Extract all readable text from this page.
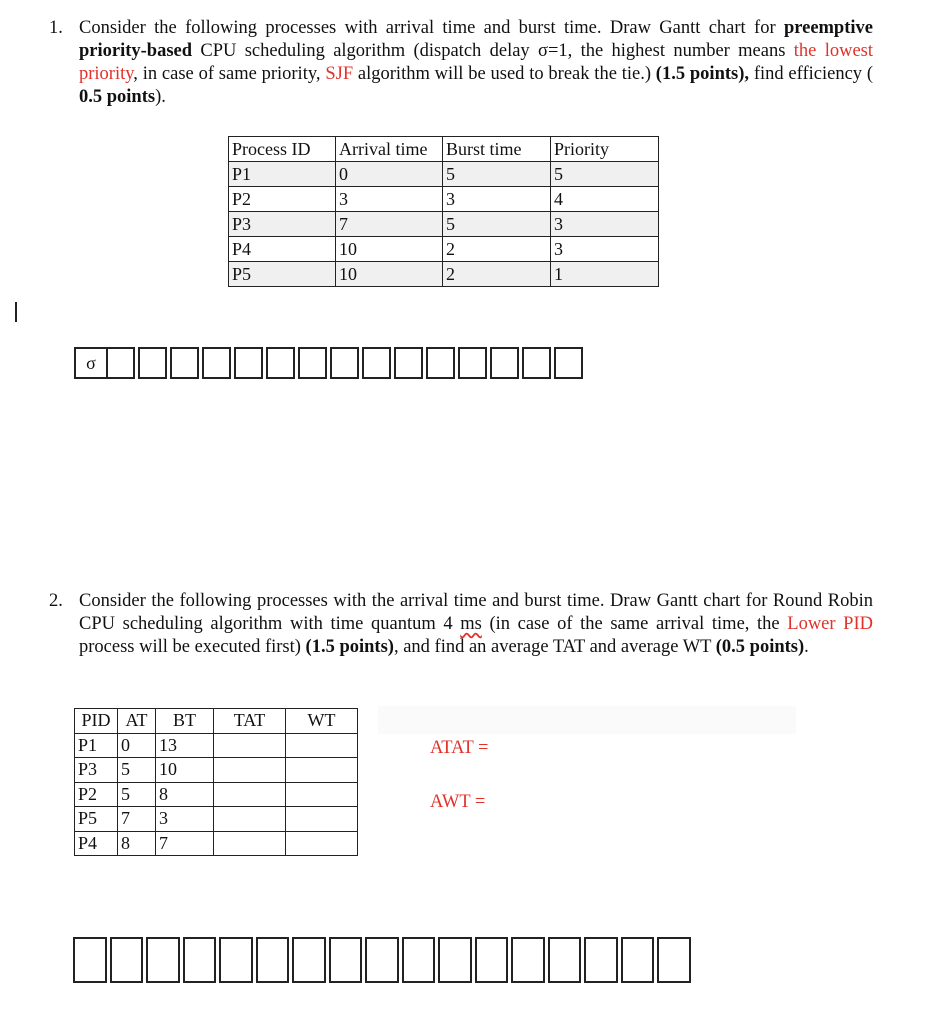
1. Consider the following processes with arrival time and burst time. Draw Gantt chart for preemptive priority-based CPU scheduling algorithm (dispatch delay σ=1, the highest number means the lowest priority, in case of same priority, SJF algorithm will be used to break the tie.) (1.5 points), find efficiency ( 0.5 points).

Process ID	Arrival time	Burst time	Priority
P1	0	5	5
P2	3	3	4
P3	7	5	3
P4	10	2	3
P5	10	2	1
σ
2. Consider the following processes with the arrival time and burst time. Draw Gantt chart for Round Robin CPU scheduling algorithm with time quantum 4 ms (in case of the same arrival time, the Lower PID process will be executed first) (1.5 points), and find an average TAT and average WT (0.5 points).

PID	AT	BT	TAT	WT
P1	0	13		
P3	5	10		
P2	5	8		
P5	7	3		
P4	8	7		
ATAT =
AWT =
